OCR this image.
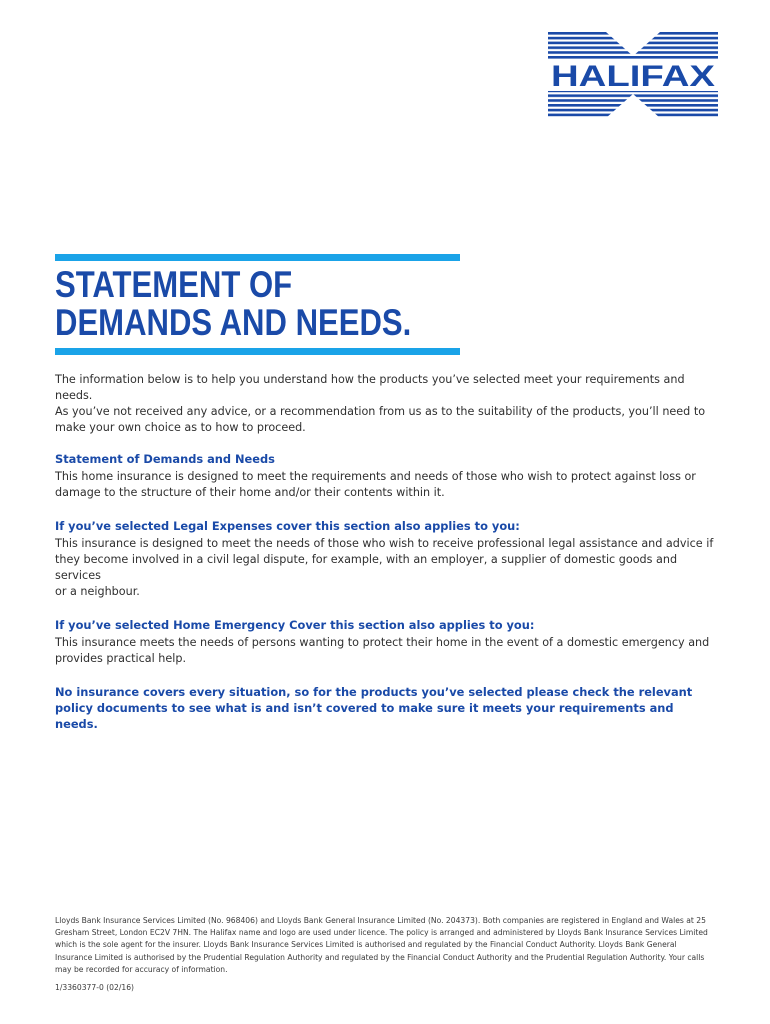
HALIFAX
STATEMENT OF
DEMANDS AND NEEDS.

The information below is to help you understand how the products you’ve selected meet your requirements and needs.
As you’ve not received any advice, or a recommendation from us as to the suitability of the products, you’ll need to make your own choice as to how to proceed.

Statement of Demands and Needs

This home insurance is designed to meet the requirements and needs of those who wish to protect against loss or damage to the structure of their home and/or their contents within it.

If you’ve selected Legal Expenses cover this section also applies to you:

This insurance is designed to meet the needs of those who wish to receive professional legal assistance and advice if
they become involved in a civil legal dispute, for example, with an employer, a supplier of domestic goods and services
or a neighbour.

If you’ve selected Home Emergency Cover this section also applies to you:

This insurance meets the needs of persons wanting to protect their home in the event of a domestic emergency and provides practical help.

No insurance covers every situation, so for the products you’ve selected please check the relevant policy documents to see what is and isn’t covered to make sure it meets your requirements and needs.

Lloyds Bank Insurance Services Limited (No. 968406) and Lloyds Bank General Insurance Limited (No. 204373). Both companies are registered in England and Wales at 25 Gresham Street, London EC2V 7HN. The Halifax name and logo are used under licence. The policy is arranged and administered by Lloyds Bank Insurance Services Limited which is the sole agent for the insurer. Lloyds Bank Insurance Services Limited is authorised and regulated by the Financial Conduct Authority. Lloyds Bank General Insurance Limited is authorised by the Prudential Regulation Authority and regulated by the Financial Conduct Authority and the Prudential Regulation Authority. Your calls may be recorded for accuracy of information.

1/3360377-0 (02/16)
